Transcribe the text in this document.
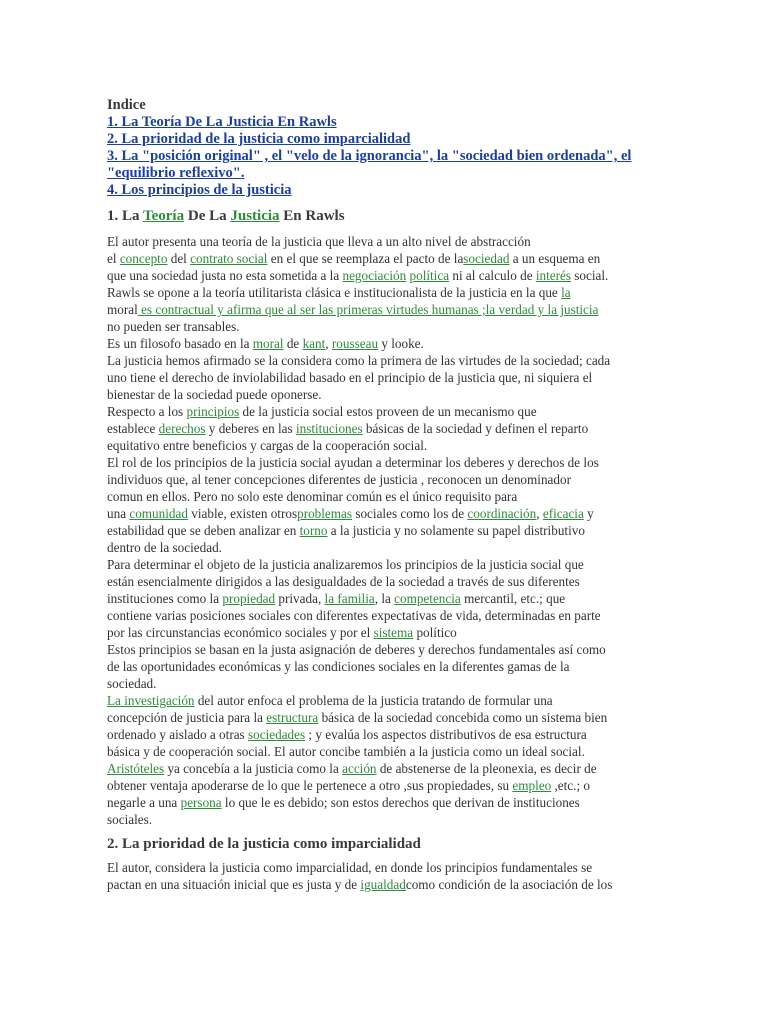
Indice
1. La Teoría De La Justicia En Rawls
2. La prioridad de la justicia como imparcialidad
3. La "posición original" , el "velo de la ignorancia", la "sociedad bien ordenada", el
"equilibrio reflexivo".
4. Los principios de la justicia
1. La Teoría De La Justicia En Rawls
El autor presenta una teoría de la justicia que lleva a un alto nivel de abstracción
el concepto del contrato social en el que se reemplaza el pacto de lasociedad a un esquema en
que una sociedad justa no esta sometida a la negociación política ni al calculo de interés social.
Rawls se opone a la teoría utilitarista clásica e institucionalista de la justicia en la que la
moral es contractual y afirma que al ser las primeras virtudes humanas ;la verdad y la justicia
no pueden ser transables.
Es un filosofo basado en la moral de kant, rousseau y looke.
La justicia hemos afirmado se la considera como la primera de las virtudes de la sociedad; cada
uno tiene el derecho de inviolabilidad basado en el principio de la justicia que, ni siquiera el
bienestar de la sociedad puede oponerse.
Respecto a los principios de la justicia social estos proveen de un mecanismo que
establece derechos y deberes en las instituciones básicas de la sociedad y definen el reparto
equitativo entre beneficios y cargas de la cooperación social.
El rol de los principios de la justicia social ayudan a determinar los deberes y derechos de los
individuos que, al tener concepciones diferentes de justicia , reconocen un denominador
comun en ellos. Pero no solo este denominar común es el único requisito para
una comunidad viable, existen otrosproblemas sociales como los de coordinación, eficacia y
estabilidad que se deben analizar en torno a la justicia y no solamente su papel distributivo
dentro de la sociedad.
Para determinar el objeto de la justicia analizaremos los principios de la justicia social que
están esencialmente dirigidos a las desigualdades de la sociedad a través de sus diferentes
instituciones como la propiedad privada, la familia, la competencia mercantil, etc.; que
contiene varias posiciones sociales con diferentes expectativas de vida, determinadas en parte
por las circunstancias económico sociales y por el sistema político
Estos principios se basan en la justa asignación de deberes y derechos fundamentales así como
de las oportunidades económicas y las condiciones sociales en la diferentes gamas de la
sociedad.
La investigación del autor enfoca el problema de la justicia tratando de formular una
concepción de justicia para la estructura básica de la sociedad concebida como un sistema bien
ordenado y aislado a otras sociedades ; y evalúa los aspectos distributivos de esa estructura
básica y de cooperación social. El autor concibe también a la justicia como un ideal social.
Aristóteles ya concebía a la justicia como la acción de abstenerse de la pleonexia, es decir de
obtener ventaja apoderarse de lo que le pertenece a otro ,sus propiedades, su empleo ,etc.; o
negarle a una persona lo que le es debido; son estos derechos que derivan de instituciones
sociales.
2. La prioridad de la justicia como imparcialidad
El autor, considera la justicia como imparcialidad, en donde los principios fundamentales se
pactan en una situación inicial que es justa y de igualdadcomo condición de la asociación de los
